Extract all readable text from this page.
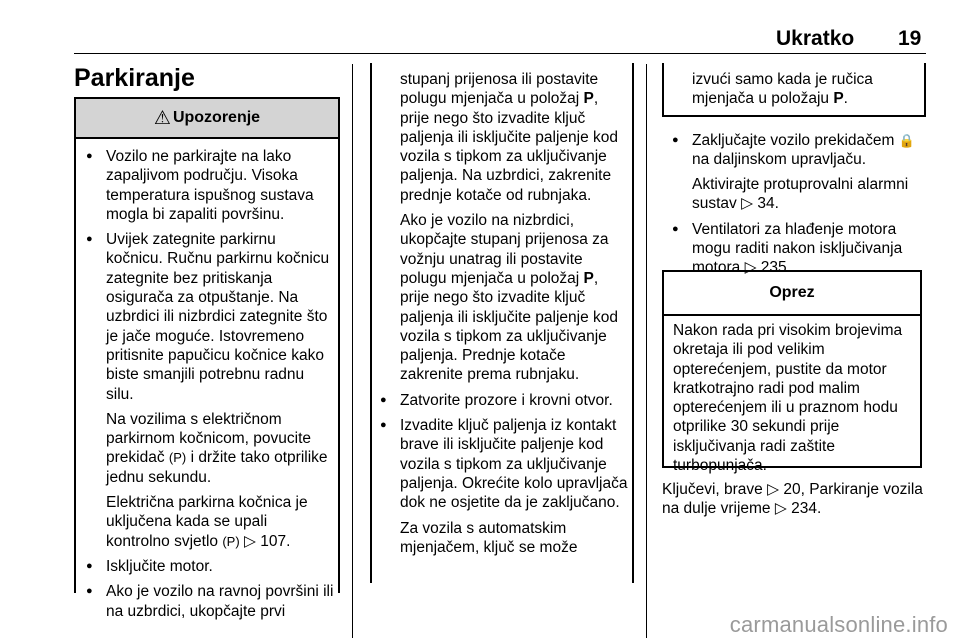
Ukratko 19
Parkiranje
⚠ Upozorenje
● Vozilo ne parkirajte na lako zapaljivom području. Visoka temperatura ispušnog sustava mogla bi zapaliti površinu.
● Uvijek zategnite parkirnu kočnicu. Ručnu parkirnu kočnicu zategnite bez pritiskanja osigurača za otpuštanje. Na uzbrdici ili nizbrdici zategnite što je jače moguće. Istovremeno pritisnite papučicu kočnice kako biste smanjili potrebnu radnu silu.
Na vozilima s električnom parkirnom kočnicom, povucite prekidač (P) i držite tako otprilike jednu sekundu.
Električna parkirna kočnica je uključena kada se upali kontrolno svjetlo (P) ▷ 107.
● Isključite motor.
● Ako je vozilo na ravnoj površini ili na uzbrdici, ukopčajte prvi
stupanj prijenosa ili postavite polugu mjenjača u položaj P, prije nego što izvadite ključ paljenja ili isključite paljenje kod vozila s tipkom za uključivanje paljenja. Na uzbrdici, zakrenite prednje kotače od rubnjaka.
Ako je vozilo na nizbrdici, ukopčajte stupanj prijenosa za vožnju unatrag ili postavite polugu mjenjača u položaj P, prije nego što izvadite ključ paljenja ili isključite paljenje kod vozila s tipkom za uključivanje paljenja. Prednje kotače zakrenite prema rubnjaku.
● Zatvorite prozore i krovni otvor.
● Izvadite ključ paljenja iz kontakt brave ili isključite paljenje kod vozila s tipkom za uključivanje paljenja. Okrećite kolo upravljača dok ne osjetite da je zaključano.
Za vozila s automatskim mjenjačem, ključ se može
izvući samo kada je ručica mjenjača u položaju P.
● Zaključajte vozilo prekidačem 🔒 na daljinskom upravljaču.
Aktivirajte protuprovalni alarmni sustav ▷ 34.
● Ventilatori za hlađenje motora mogu raditi nakon isključivanja motora ▷ 235.
Oprez
Nakon rada pri visokim brojevima okretaja ili pod velikim opterećenjem, pustite da motor kratkotrajno radi pod malim opterećenjem ili u praznom hodu otprilike 30 sekundi prije isključivanja radi zaštite turbopunjača.
Ključevi, brave ▷ 20, Parkiranje vozila na dulje vrijeme ▷ 234.
carmanualsonline.info
